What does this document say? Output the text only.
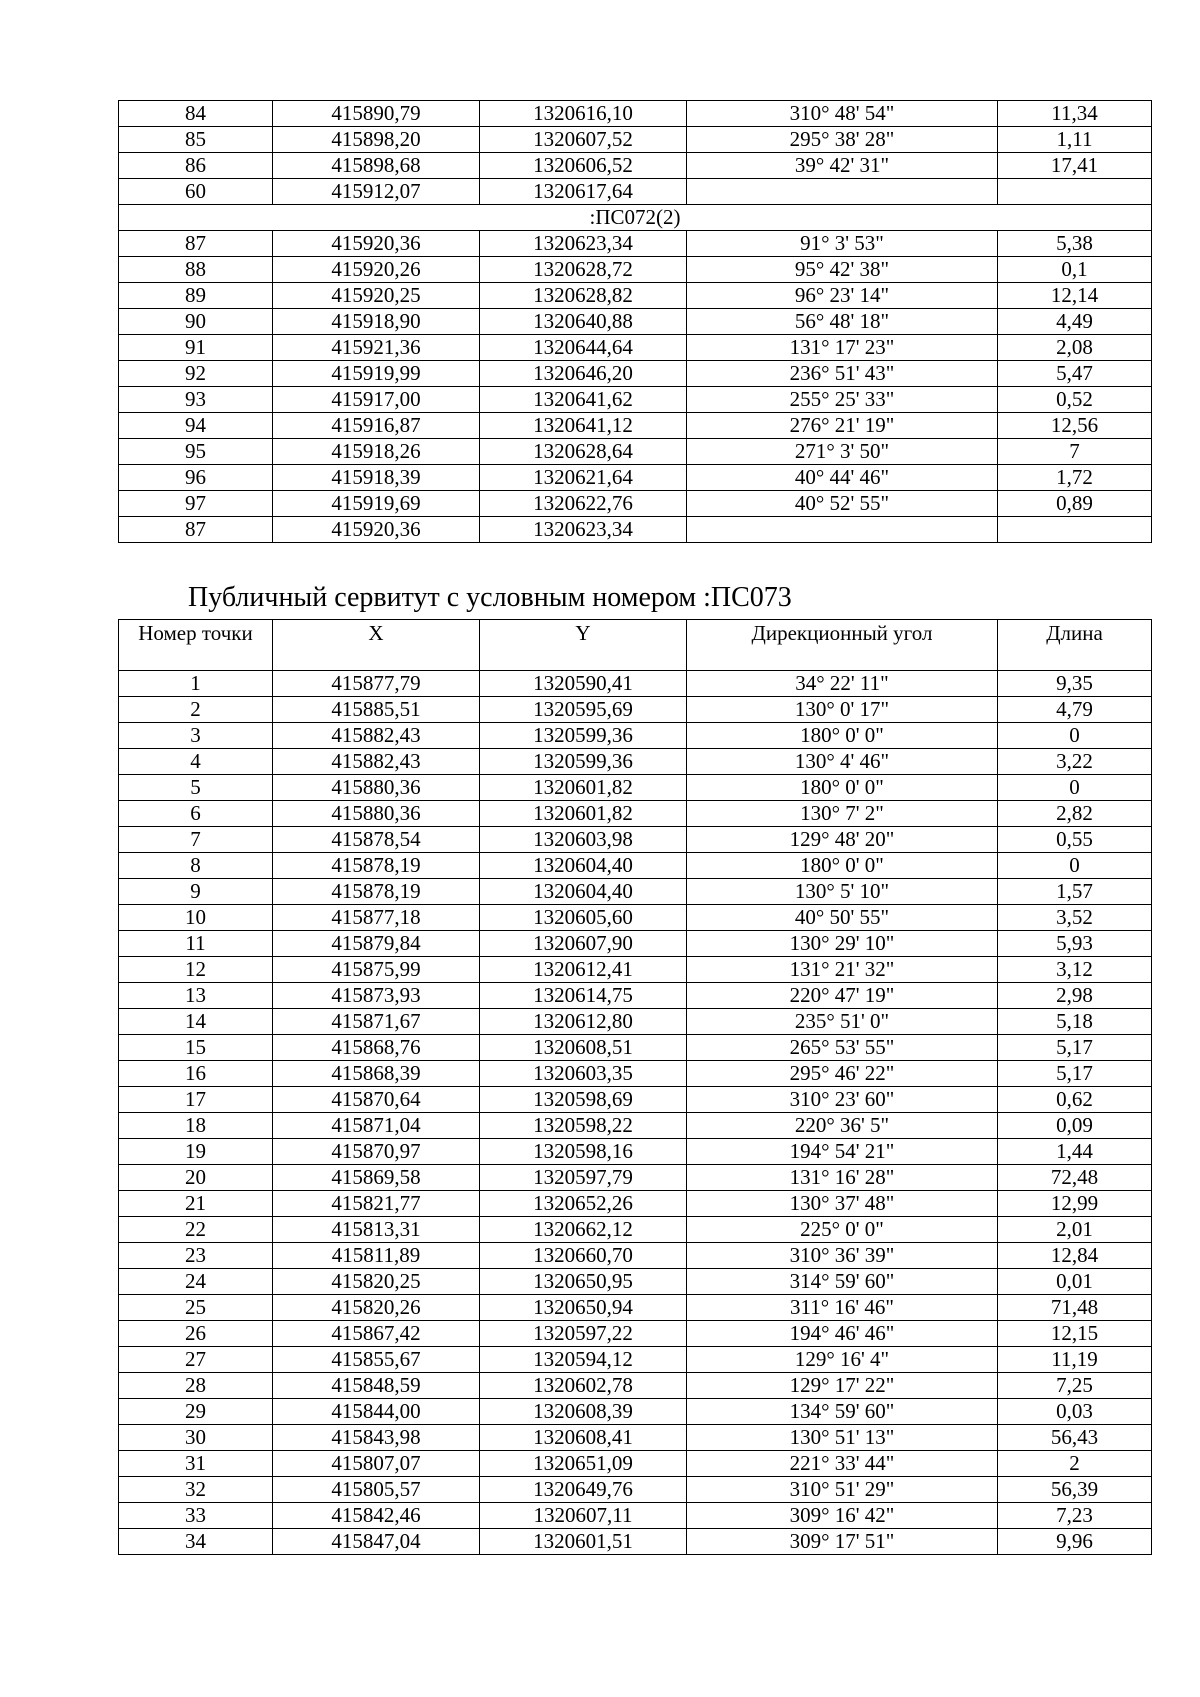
84	415890,79	1320616,10	310° 48' 54"	11,34
85	415898,20	1320607,52	295° 38' 28"	1,11
86	415898,68	1320606,52	39° 42' 31"	17,41
60	415912,07	1320617,64		
:ПС072(2)				
87	415920,36	1320623,34	91° 3' 53"	5,38
88	415920,26	1320628,72	95° 42' 38"	0,1
89	415920,25	1320628,82	96° 23' 14"	12,14
90	415918,90	1320640,88	56° 48' 18"	4,49
91	415921,36	1320644,64	131° 17' 23"	2,08
92	415919,99	1320646,20	236° 51' 43"	5,47
93	415917,00	1320641,62	255° 25' 33"	0,52
94	415916,87	1320641,12	276° 21' 19"	12,56
95	415918,26	1320628,64	271° 3' 50"	7
96	415918,39	1320621,64	40° 44' 46"	1,72
97	415919,69	1320622,76	40° 52' 55"	0,89
87	415920,36	1320623,34		
Публичный сервитут с условным номером :ПС073
Номер точки	X	Y	Дирекционный угол	Длина
1	415877,79	1320590,41	34° 22' 11"	9,35
2	415885,51	1320595,69	130° 0' 17"	4,79
3	415882,43	1320599,36	180° 0' 0"	0
4	415882,43	1320599,36	130° 4' 46"	3,22
5	415880,36	1320601,82	180° 0' 0"	0
6	415880,36	1320601,82	130° 7' 2"	2,82
7	415878,54	1320603,98	129° 48' 20"	0,55
8	415878,19	1320604,40	180° 0' 0"	0
9	415878,19	1320604,40	130° 5' 10"	1,57
10	415877,18	1320605,60	40° 50' 55"	3,52
11	415879,84	1320607,90	130° 29' 10"	5,93
12	415875,99	1320612,41	131° 21' 32"	3,12
13	415873,93	1320614,75	220° 47' 19"	2,98
14	415871,67	1320612,80	235° 51' 0"	5,18
15	415868,76	1320608,51	265° 53' 55"	5,17
16	415868,39	1320603,35	295° 46' 22"	5,17
17	415870,64	1320598,69	310° 23' 60"	0,62
18	415871,04	1320598,22	220° 36' 5"	0,09
19	415870,97	1320598,16	194° 54' 21"	1,44
20	415869,58	1320597,79	131° 16' 28"	72,48
21	415821,77	1320652,26	130° 37' 48"	12,99
22	415813,31	1320662,12	225° 0' 0"	2,01
23	415811,89	1320660,70	310° 36' 39"	12,84
24	415820,25	1320650,95	314° 59' 60"	0,01
25	415820,26	1320650,94	311° 16' 46"	71,48
26	415867,42	1320597,22	194° 46' 46"	12,15
27	415855,67	1320594,12	129° 16' 4"	11,19
28	415848,59	1320602,78	129° 17' 22"	7,25
29	415844,00	1320608,39	134° 59' 60"	0,03
30	415843,98	1320608,41	130° 51' 13"	56,43
31	415807,07	1320651,09	221° 33' 44"	2
32	415805,57	1320649,76	310° 51' 29"	56,39
33	415842,46	1320607,11	309° 16' 42"	7,23
34	415847,04	1320601,51	309° 17' 51"	9,96
